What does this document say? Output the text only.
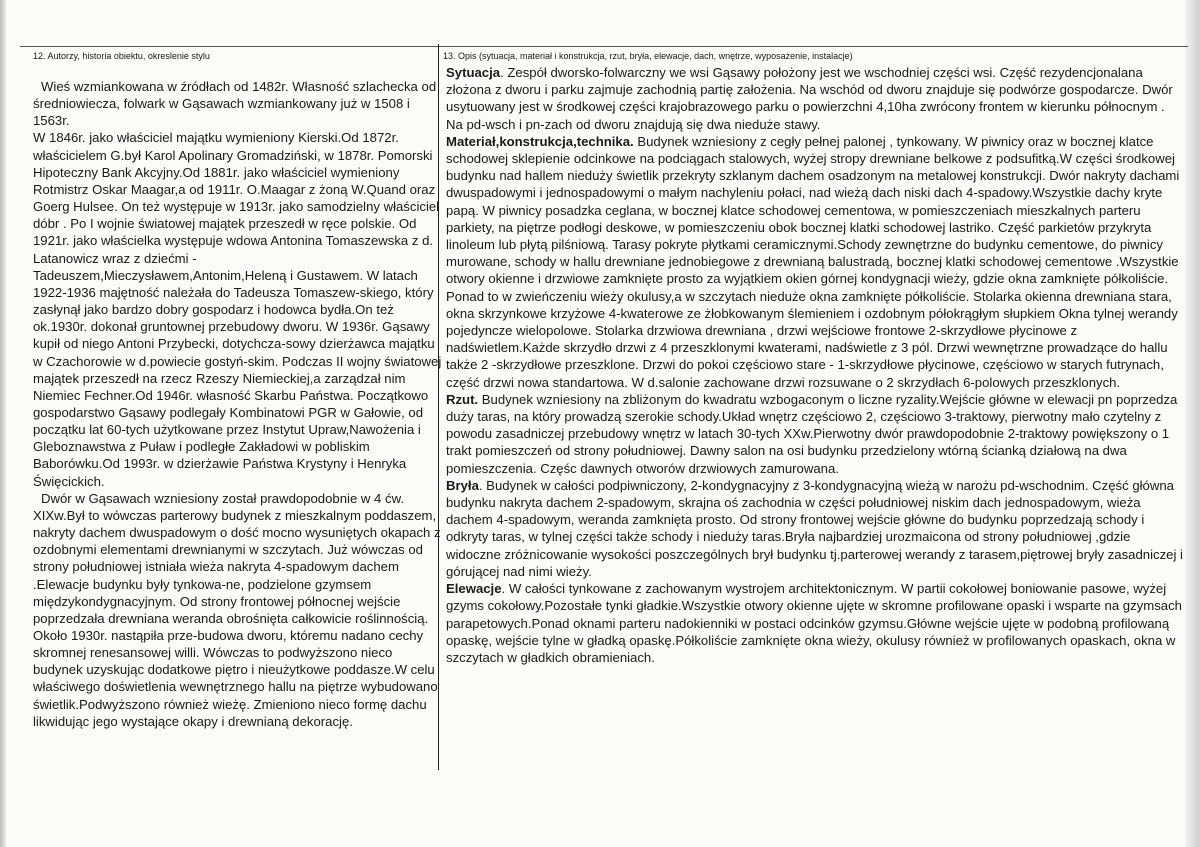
12. Autorzy, historia obiektu, okreslenie stylu	13. Opis (sytuacja, materiał i konstrukcja, rzut, bryła, elewacje, dach, wnętrze, wyposażenie, instalacje)

Wieś wzmiankowana w źródłach od 1482r. Własność szlachecka od średniowiecza, folwark w Gąsawach wzmiankowany już w 1508 i 1563r.

W 1846r. jako właściciel majątku wymieniony Kierski.Od 1872r. właścicielem G.był Karol Apolinary Gromadziński, w 1878r. Pomorski Hipoteczny Bank Akcyjny.Od 1881r. jako właściciel wymieniony Rotmistrz Oskar Maagar,a od 1911r. O.Maagar z żoną W.Quand oraz Goerg Hulsee. On też występuje w 1913r. jako samodzielny właściciel dóbr . Po I wojnie światowej majątek przeszedł w ręce polskie. Od 1921r. jako właścielka występuje wdowa Antonina Tomaszewska z d. Latanowicz wraz z dziećmi - Tadeuszem,Mieczysławem,Antonim,Heleną i Gustawem. W latach 1922-1936 majętność należała do Tadeusza Tomaszew-skiego, który zasłynął jako bardzo dobry gospodarz i hodowca bydła.On też ok.1930r. dokonał gruntownej przebudowy dworu. W 1936r. Gąsawy kupił od niego Antoni Przybecki, dotychcza-sowy dzierżawca majątku w Czachorowie w d.powiecie gostyń-skim. Podczas II wojny światowej majątek przeszedł na rzecz Rzeszy Niemieckiej,a zarządzał nim Niemiec Fechner.Od 1946r. własność Skarbu Państwa. Początkowo gospodarstwo Gąsawy podlegały Kombinatowi PGR w Gałowie, od początku lat 60-tych użytkowane przez Instytut Upraw,Nawożenia i Gleboznawstwa z Puław i podległe Zakładowi w pobliskim Baborówku.Od 1993r. w dzierżawie Państwa Krystyny i Henryka Święcickich.

Dwór w Gąsawach wzniesiony został prawdopodobnie w 4 ćw. XIXw.Był to wówczas parterowy budynek z mieszkalnym poddaszem, nakryty dachem dwuspadowym o dość mocno wysuniętych okapach z ozdobnymi elementami drewnianymi w szczytach. Już wówczas od strony południowej istniała wieża nakryta 4-spadowym dachem .Elewacje budynku były tynkowa-ne, podzielone gzymsem międzykondygnacyjnym. Od strony frontowej północnej wejście poprzedzała drewniana weranda obrośnięta całkowicie roślinnością. Około 1930r. nastąpiła prze-budowa dworu, któremu nadano cechy skromnej renesansowej willi. Wówczas to podwyższono nieco budynek uzyskując dodatkowe piętro i nieużytkowe poddasze.W celu właściwego doświetlenia wewnętrznego hallu na piętrze wybudowano świetlik.Podwyższono również wieżę. Zmieniono nieco formę dachu likwidując jego wystające okapy i drewnianą dekorację.

Sytuacja. Zespół dworsko-folwarczny we wsi Gąsawy położony jest we wschodniej części wsi. Część rezydencjonalana złożona z dworu i parku zajmuje zachodnią partię założenia. Na wschód od dworu znajduje się podwórze gospodarcze. Dwór usytuowany jest w środkowej części krajobrazowego parku o powierzchni 4,10ha zwrócony frontem w kierunku północnym . Na pd-wsch i pn-zach od dworu znajdują się dwa nieduże stawy.

Materiał,konstrukcja,technika. Budynek wzniesiony z cegły pełnej palonej , tynkowany. W piwnicy oraz w bocznej klatce schodowej sklepienie odcinkowe na podciągach stalowych, wyżej stropy drewniane belkowe z podsufitką.W części środkowej budynku nad hallem nieduży świetlik przekryty szklanym dachem osadzonym na metalowej konstrukcji. Dwór nakryty dachami dwuspadowymi i jednospadowymi o małym nachyleniu połaci, nad wieżą dach niski dach 4-spadowy.Wszystkie dachy kryte papą. W piwnicy posadzka ceglana, w bocznej klatce schodowej cementowa, w pomieszczeniach mieszkalnych parteru parkiety, na piętrze podłogi deskowe, w pomieszczeniu obok bocznej klatki schodowej lastriko. Część parkietów przykryta linoleum lub płytą pilśniową. Tarasy pokryte płytkami ceramicznymi.Schody zewnętrzne do budynku cementowe, do piwnicy murowane, schody w hallu drewniane jednobiegowe z drewnianą balustradą, bocznej klatki schodowej cementowe .Wszystkie otwory okienne i drzwiowe zamknięte prosto za wyjątkiem okien górnej kondygnacji wieży, gdzie okna zamknięte półkoliście. Ponad to w zwieńczeniu wieży okulusy,a w szczytach nieduże okna zamknięte półkoliście. Stolarka okienna drewniana stara, okna skrzynkowe krzyżowe 4-kwaterowe ze żłobkowanym ślemieniem i ozdobnym półokrągłym słupkiem Okna tylnej werandy pojedyncze wielopolowe. Stolarka drzwiowa drewniana , drzwi wejściowe frontowe 2-skrzydłowe płycinowe z nadświetlem.Każde skrzydło drzwi z 4 przeszklonymi kwaterami, nadświetle z 3 pól. Drzwi wewnętrzne prowadzące do hallu także 2 -skrzydłowe przeszklone. Drzwi do pokoi częściowo stare - 1-skrzydłowe płycinowe, częściowo w starych futrynach, część drzwi nowa standartowa. W d.salonie zachowane drzwi rozsuwane o 2 skrzydłach 6-polowych przeszklonych.

Rzut. Budynek wzniesiony na zbliżonym do kwadratu wzbogaconym o liczne ryzality.Wejście główne w elewacji pn poprzedza duży taras, na który prowadzą szerokie schody.Układ wnętrz częściowo 2, częściowo 3-traktowy, pierwotny mało czytelny z powodu zasadniczej przebudowy wnętrz w latach 30-tych XXw.Pierwotny dwór prawdopodobnie 2-traktowy powiększony o 1 trakt pomieszczeń od strony południowej. Dawny salon na osi budynku przedzielony wtórną ścianką działową na dwa pomieszczenia. Częśc dawnych otworów drzwiowych zamurowana.

Bryła. Budynek w całości podpiwniczony, 2-kondygnacyjny z 3-kondygnacyjną wieżą w narożu pd-wschodnim. Część główna budynku nakryta dachem 2-spadowym, skrajna oś zachodnia w części południowej niskim dach jednospadowym, wieża dachem 4-spadowym, weranda zamknięta prosto. Od strony frontowej wejście główne do budynku poprzedzają schody i odkryty taras, w tylnej części także schody i nieduży taras.Bryła najbardziej urozmaicona od strony południowej ,gdzie widoczne zróżnicowanie wysokości poszczególnych brył budynku tj.parterowej werandy z tarasem,piętrowej bryły zasadniczej i górującej nad nimi wieży.

Elewacje. W całości tynkowane z zachowanym wystrojem architektonicznym. W partii cokołowej boniowanie pasowe, wyżej gzyms cokołowy.Pozostałe tynki gładkie.Wszystkie otwory okienne ujęte w skromne profilowane opaski i wsparte na gzymsach parapetowych.Ponad oknami parteru nadokienniki w postaci odcinków gzymsu.Główne wejście ujęte w podobną profilowaną opaskę, wejście tylne w gładką opaskę.Półkoliście zamknięte okna wieży, okulusy również w profilowanych opaskach, okna w szczytach w gładkich obramieniach.
